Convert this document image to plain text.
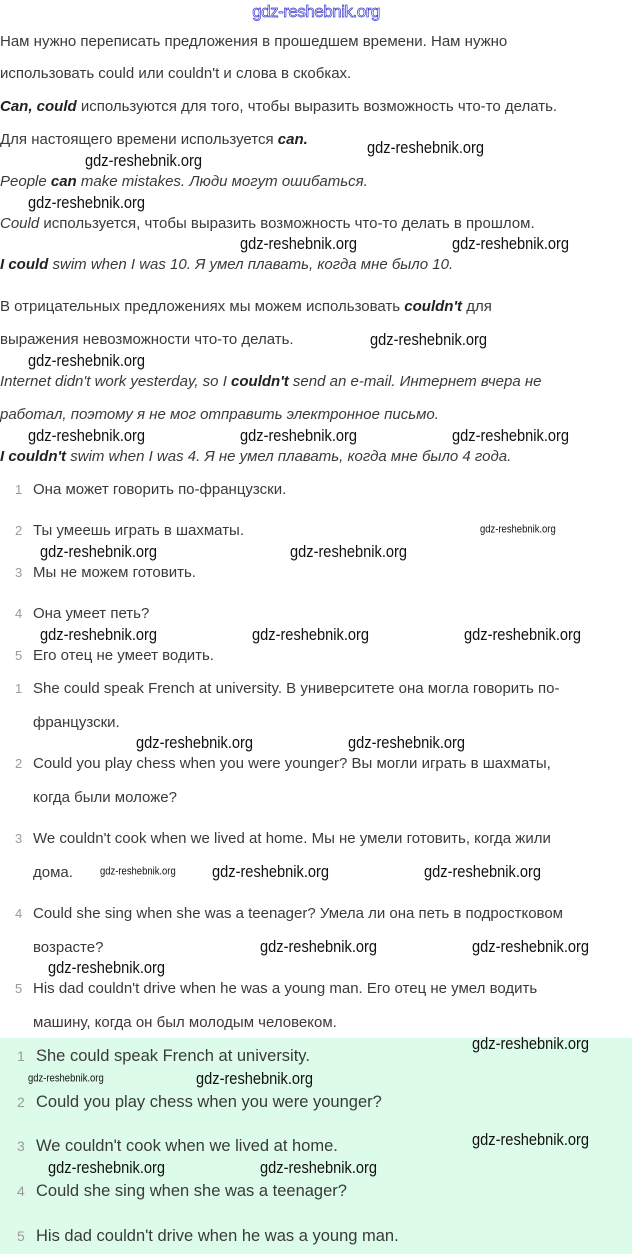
gdz-reshebnik.org
Нам нужно переписать предложения в прошедшем времени. Нам нужно
использовать could или couldn't и слова в скобках.
Can, could используются для того, чтобы выразить возможность что-то делать.
Для настоящего времени используется can.
People can make mistakes. Люди могут ошибаться.
Could используется, чтобы выразить возможность что-то делать в прошлом.
I could swim when I was 10. Я умел плавать, когда мне было 10.
В отрицательных предложениях мы можем использовать couldn't для
выражения невозможности что-то делать.
Internet didn't work yesterday, so I couldn't send an e-mail. Интернет вчера не
работал, поэтому я не мог отправить электронное письмо.
I couldn't swim when I was 4. Я не умел плавать, когда мне было 4 года.
1 Она может говорить по-французски.
2 Ты умеешь играть в шахматы.
3 Мы не можем готовить.
4 Она умеет петь?
5 Его отец не умеет водить.
1 She could speak French at university. В университете она могла говорить по-
французски.
2 Could you play chess when you were younger? Вы могли играть в шахматы,
когда были моложе?
3 We couldn't cook when we lived at home. Мы не умели готовить, когда жили
дома.
4 Could she sing when she was a teenager? Умела ли она петь в подростковом
возрасте?
5 His dad couldn't drive when he was a young man. Его отец не умел водить
машину, когда он был молодым человеком.
1 She could speak French at university.
2 Could you play chess when you were younger?
3 We couldn't cook when we lived at home.
4 Could she sing when she was a teenager?
5 His dad couldn't drive when he was a young man.
gdz-reshebnik.org
gdz-reshebnik.org
gdz-reshebnik.org
gdz-reshebnik.org	gdz-reshebnik.org
gdz-reshebnik.org
gdz-reshebnik.org
gdz-reshebnik.org	gdz-reshebnik.org	gdz-reshebnik.org
gdz-reshebnik.org
gdz-reshebnik.org
gdz-reshebnik.org
gdz-reshebnik.org	gdz-reshebnik.org	gdz-reshebnik.org
gdz-reshebnik.org	gdz-reshebnik.org
gdz-reshebnik.org gdz-reshebnik.org	gdz-reshebnik.org
gdz-reshebnik.org	gdz-reshebnik.org
gdz-reshebnik.org
gdz-reshebnik.org
gdz-reshebnik.org	gdz-reshebnik.org
gdz-reshebnik.org
gdz-reshebnik.org	gdz-reshebnik.org
